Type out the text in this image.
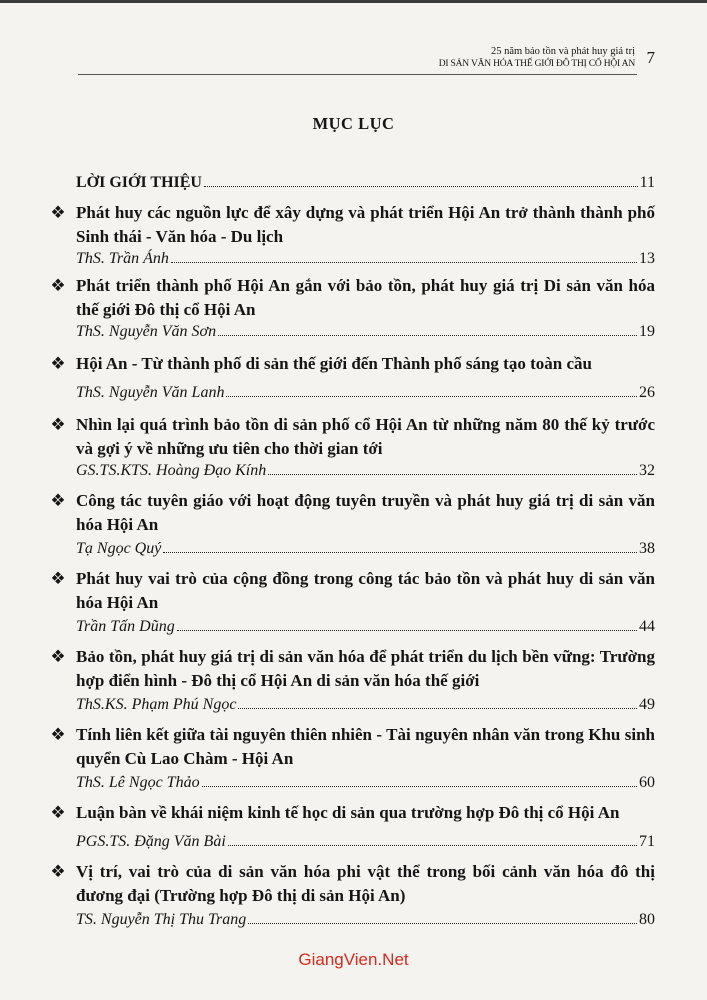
25 năm bảo tồn và phát huy giá trị
DI SẢN VĂN HÓA THẾ GIỚI ĐÔ THỊ CỔ HỘI AN 7
MỤC LỤC
LỜI GIỚI THIỆU	11
❖ Phát huy các nguồn lực để xây dựng và phát triển Hội An trở thành thành phố Sinh thái - Văn hóa - Du lịch
ThS. Trần Ánh	13
❖ Phát triển thành phố Hội An gắn với bảo tồn, phát huy giá trị Di sản văn hóa thế giới Đô thị cổ Hội An
ThS. Nguyễn Văn Sơn	19
❖ Hội An - Từ thành phố di sản thế giới đến Thành phố sáng tạo toàn cầu
ThS. Nguyễn Văn Lanh	26
❖ Nhìn lại quá trình bảo tồn di sản phố cổ Hội An từ những năm 80 thế kỷ trước và gợi ý về những ưu tiên cho thời gian tới
GS.TS.KTS. Hoàng Đạo Kính	32
❖ Công tác tuyên giáo với hoạt động tuyên truyền và phát huy giá trị di sản văn hóa Hội An
Tạ Ngọc Quý	38
❖ Phát huy vai trò của cộng đồng trong công tác bảo tồn và phát huy di sản văn hóa Hội An
Trần Tấn Dũng	44
❖ Bảo tồn, phát huy giá trị di sản văn hóa để phát triển du lịch bền vững: Trường hợp điển hình - Đô thị cổ Hội An di sản văn hóa thế giới
ThS.KS. Phạm Phú Ngọc	49
❖ Tính liên kết giữa tài nguyên thiên nhiên - Tài nguyên nhân văn trong Khu sinh quyển Cù Lao Chàm - Hội An
ThS. Lê Ngọc Thảo	60
❖ Luận bàn về khái niệm kinh tế học di sản qua trường hợp Đô thị cổ Hội An
PGS.TS. Đặng Văn Bài	71
❖ Vị trí, vai trò của di sản văn hóa phi vật thể trong bối cảnh văn hóa đô thị đương đại (Trường hợp Đô thị di sản Hội An)
TS. Nguyễn Thị Thu Trang	80
GiangVien.Net
